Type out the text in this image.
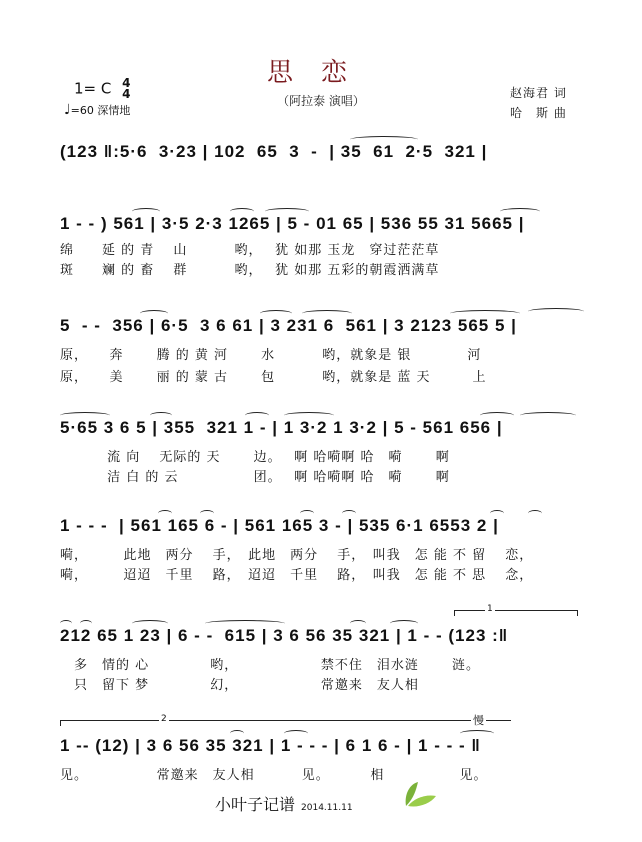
思恋
（阿拉泰 演唱）
1= C 4
4
♩=60 深情地
赵海君 词
哈　斯 曲
(123 ‖:5·6  3·23 | 102  65  3  -  | 35  61  2·5  321 |
1 - - ) 561 | 3·5 2·3 1265 | 5 - 01 65 | 536 55 31 5665 |
绵　　延 的 青　 山　　　 哟，　 犹 如那 玉龙　穿过茫茫草
斑　　斓 的 畜　 群　　　 哟，　 犹 如那 五彩的朝霞洒满草
5  - -  356 | 6·5  3 6 61 | 3 231 6  561 | 3 2123 565 5 |
原，　　奔　　 腾 的 黄 河　　 水　　　 哟，就象是 银　　　　河
原，　　美　　 丽 的 蒙 古　　 包　　　 哟，就象是 蓝 天　　　上
5·65 3 6 5 | 355  321 1 - | 1 3·2 1 3·2 | 5 - 561 656 |
　　　 流 向　 无际的 天　　 边。　 啊 哈嗬啊 哈　嗬　　 啊
　　　 洁 白 的 云　　　　　 团。　 啊 哈嗬啊 哈　嗬　　 啊
1 - - -  | 561 165 6 - | 561 165 3 - | 535 6·1 6553 2 |
嗬，　　　此地　两分　 手，　此地　两分　 手，　叫我　怎 能 不 留　 恋，
嗬，　　　迢迢　千里　 路，　迢迢　千里　 路，　叫我　怎 能 不 思　 念，
212 65 1 23 | 6 - -  615 | 3 6 56 35 321 | 1 - - (123 :‖
1
　多　情的 心　　　　 哟，　　　　　　 禁不住　泪水涟　　 涟。
　只　留下 梦　　　　 幻，　　　　　　 常邀来　友人相
2	慢
1 -- (12) | 3 6 56 35 321 | 1 - - - | 6 1 6 - | 1 - - - ‖
见。　　　　　 常邀来　友人相　　　 见。　　　 相　　　　　 见。
小叶子记谱 2014.11.11
